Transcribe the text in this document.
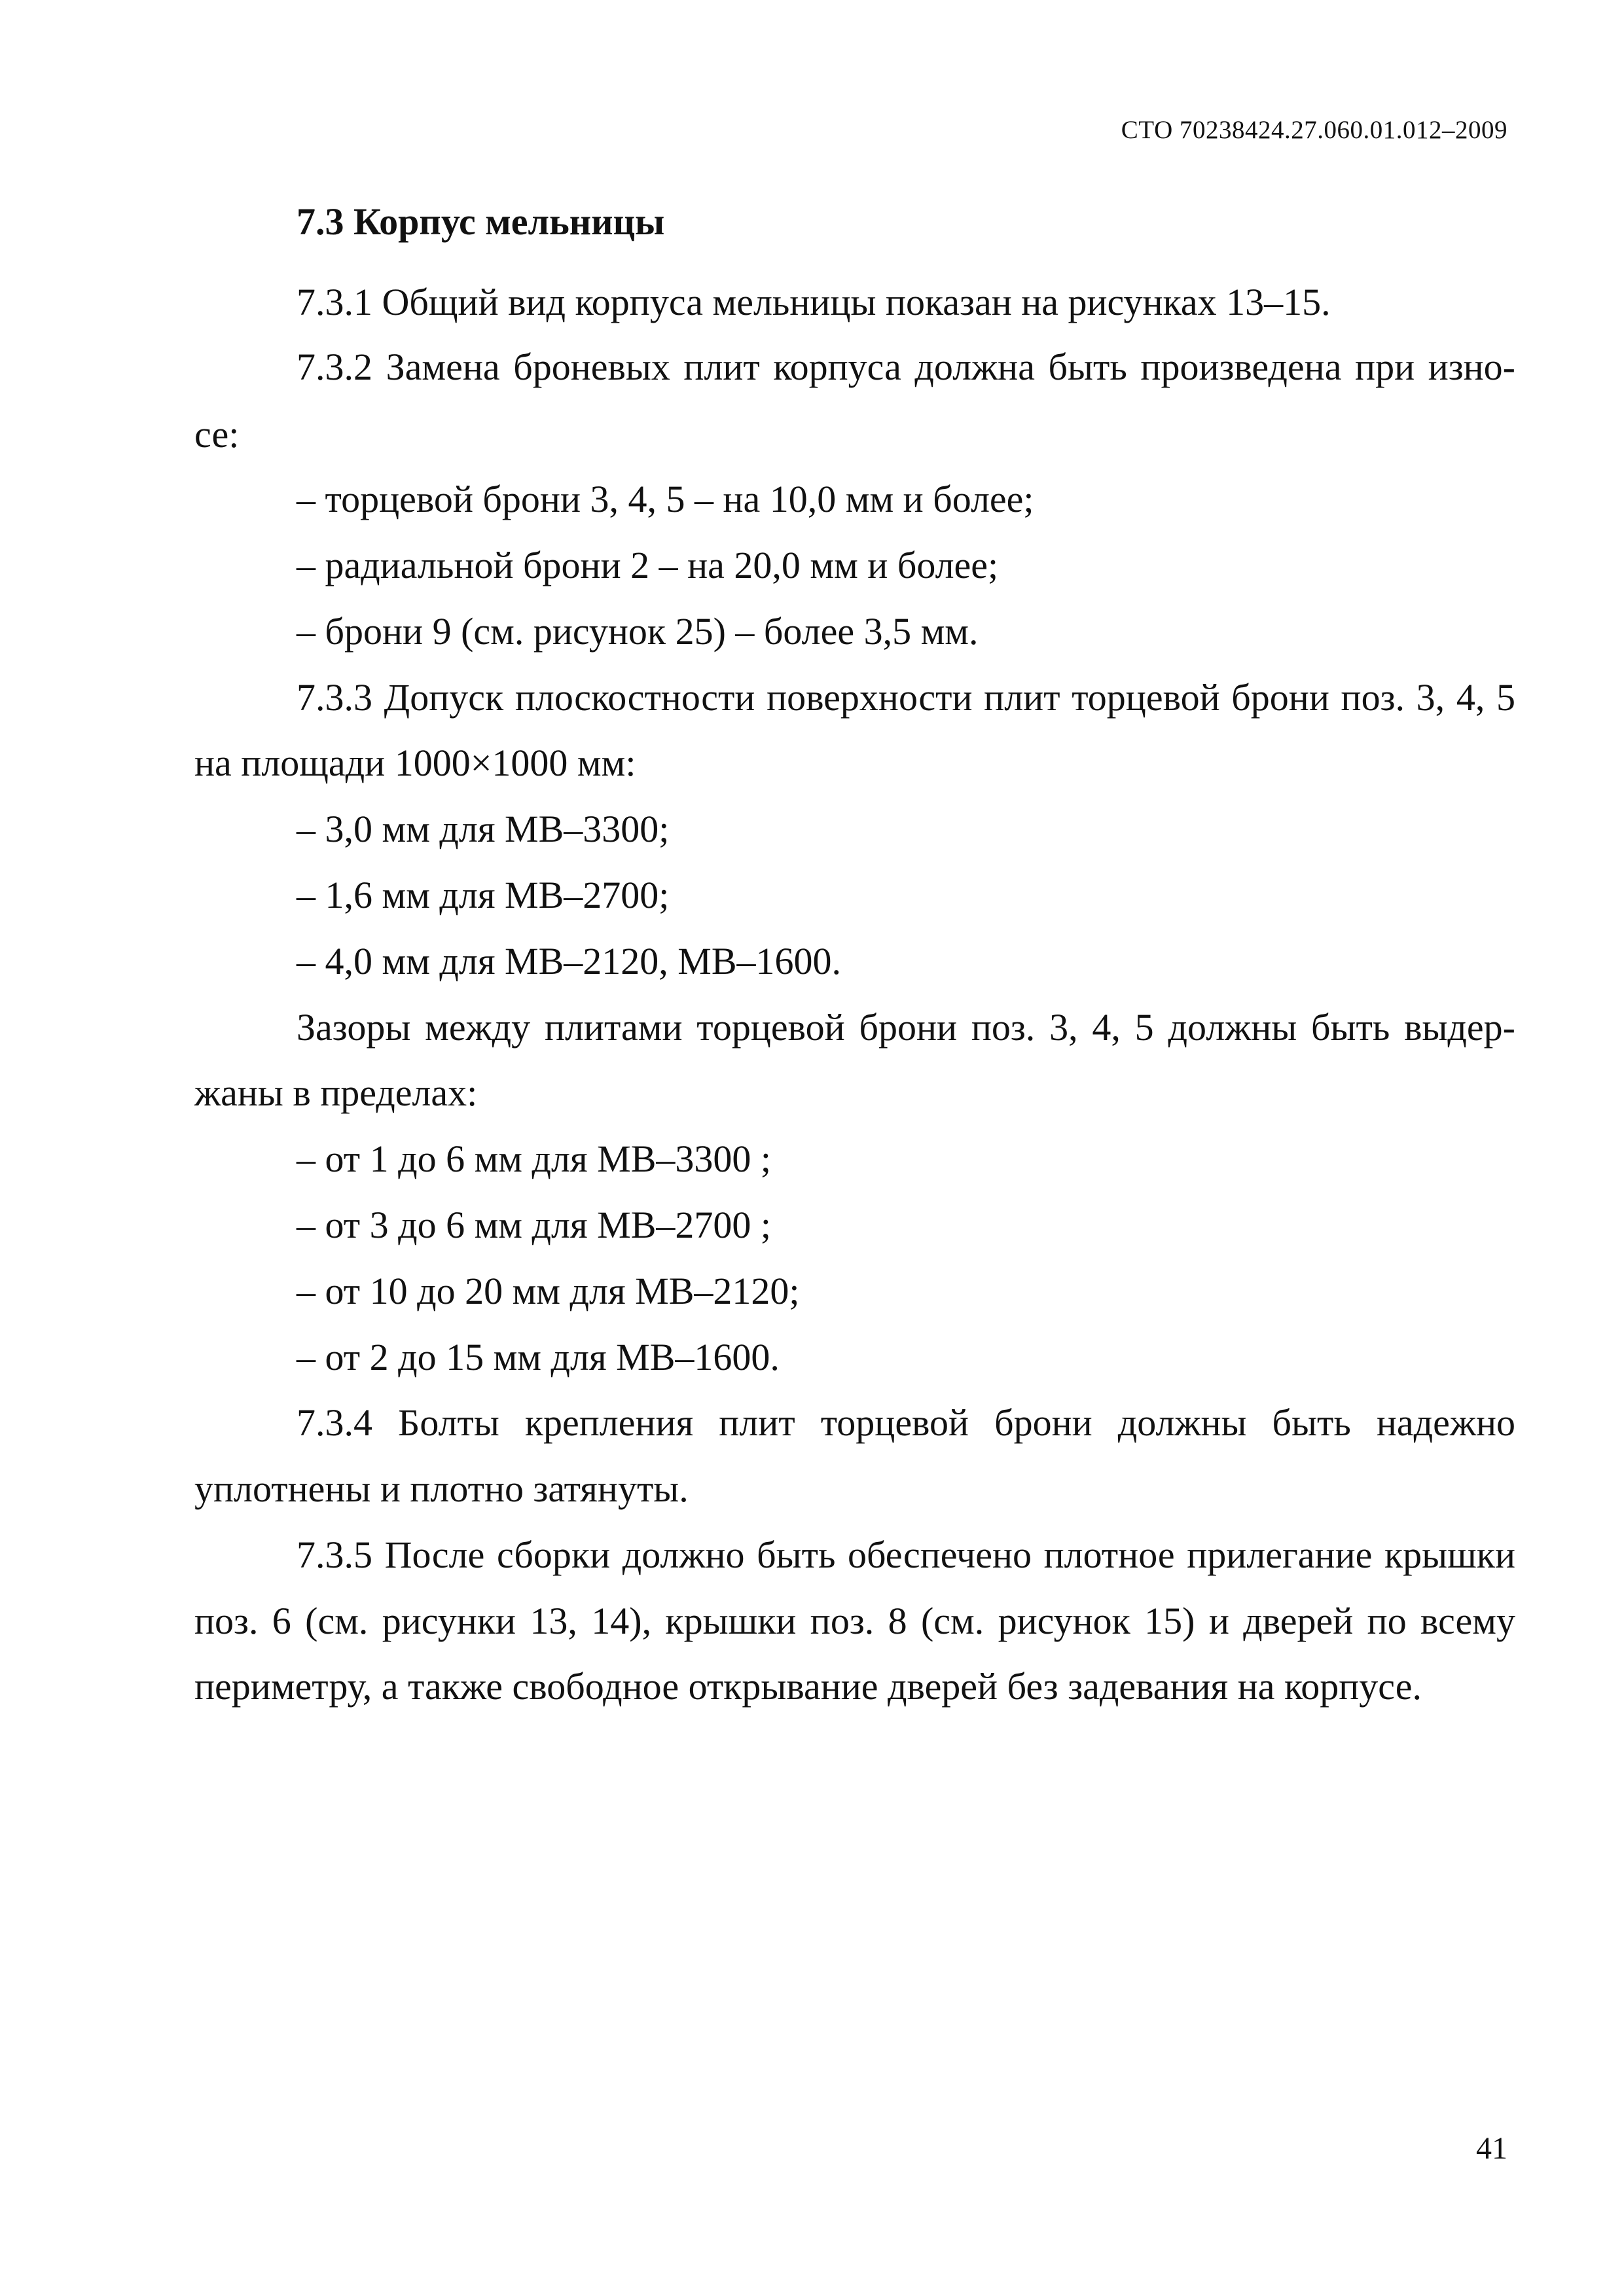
СТО 70238424.27.060.01.012–2009
7.3 Корпус мельницы
7.3.1 Общий вид корпуса мельницы показан на рисунках 13–15.
7.3.2 Замена броневых плит корпуса должна быть произведена при изно-
се:
– торцевой брони 3, 4, 5 – на 10,0 мм и более;
– радиальной брони 2 – на 20,0 мм и более;
– брони 9 (см. рисунок 25) – более 3,5 мм.
7.3.3 Допуск плоскостности поверхности плит торцевой брони поз. 3, 4, 5
на площади 1000×1000 мм:
– 3,0 мм для МВ–3300;
– 1,6 мм для МВ–2700;
– 4,0 мм для МВ–2120, МВ–1600.
Зазоры между плитами торцевой брони поз. 3, 4, 5 должны быть выдер-
жаны в пределах:
– от 1 до 6 мм для МВ–3300 ;
– от 3 до 6 мм для МВ–2700 ;
– от 10 до 20 мм для МВ–2120;
– от 2 до 15 мм для МВ–1600.
7.3.4 Болты крепления плит торцевой брони должны быть надежно
уплотнены и плотно затянуты.
7.3.5 После сборки должно быть обеспечено плотное прилегание крышки
поз. 6 (см. рисунки 13, 14), крышки поз. 8 (см. рисунок 15) и дверей по всему
периметру, а также свободное открывание дверей без задевания на корпусе.
41
